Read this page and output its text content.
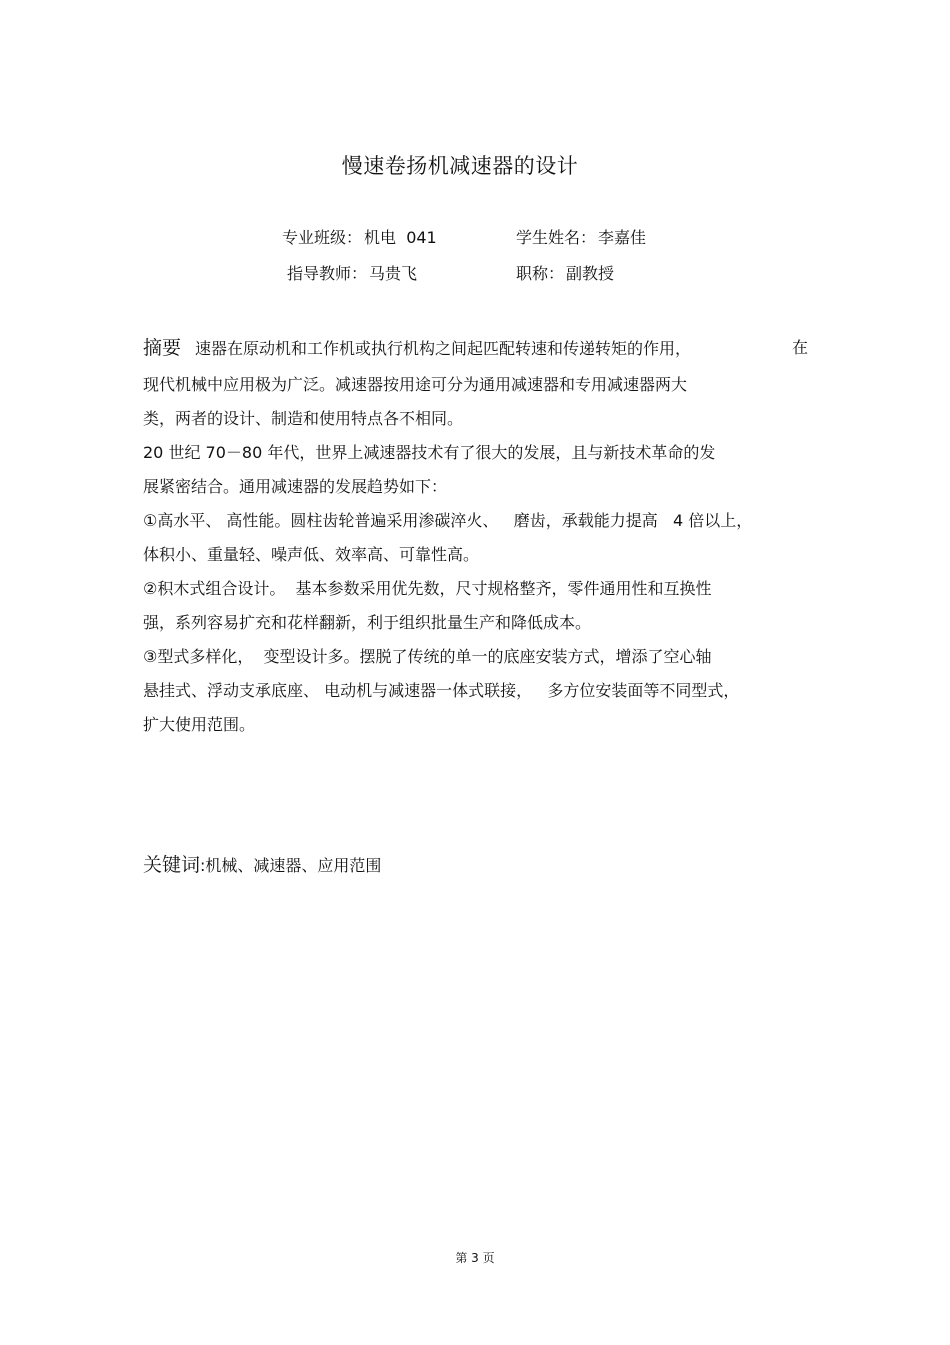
慢速卷扬机减速器的设计
专业班级： 机电  041	学生姓名： 李嘉佳
指导教师： 马贵飞	职称： 副教授
摘要 速器在原动机和工作机或执行机构之间起匹配转速和传递转矩的作用，	在
现代机械中应用极为广泛。减速器按用途可分为通用减速器和专用减速器两大
类，两者的设计、制造和使用特点各不相同。
20 世纪 70－80 年代，世界上减速器技术有了很大的发展，且与新技术革命的发
展紧密结合。通用减速器的发展趋势如下：
①高水平、 高性能。圆柱齿轮普遍采用渗碳淬火、   磨齿，承载能力提高   4 倍以上，
体积小、重量轻、噪声低、效率高、可靠性高。
②积木式组合设计。  基本参数采用优先数，尺寸规格整齐，零件通用性和互换性
强，系列容易扩充和花样翻新，利于组织批量生产和降低成本。
③型式多样化，  变型设计多。摆脱了传统的单一的底座安装方式，增添了空心轴
悬挂式、浮动支承底座、 电动机与减速器一体式联接，   多方位安装面等不同型式，
扩大使用范围。
关键词:机械、减速器、应用范围
第 3 页
